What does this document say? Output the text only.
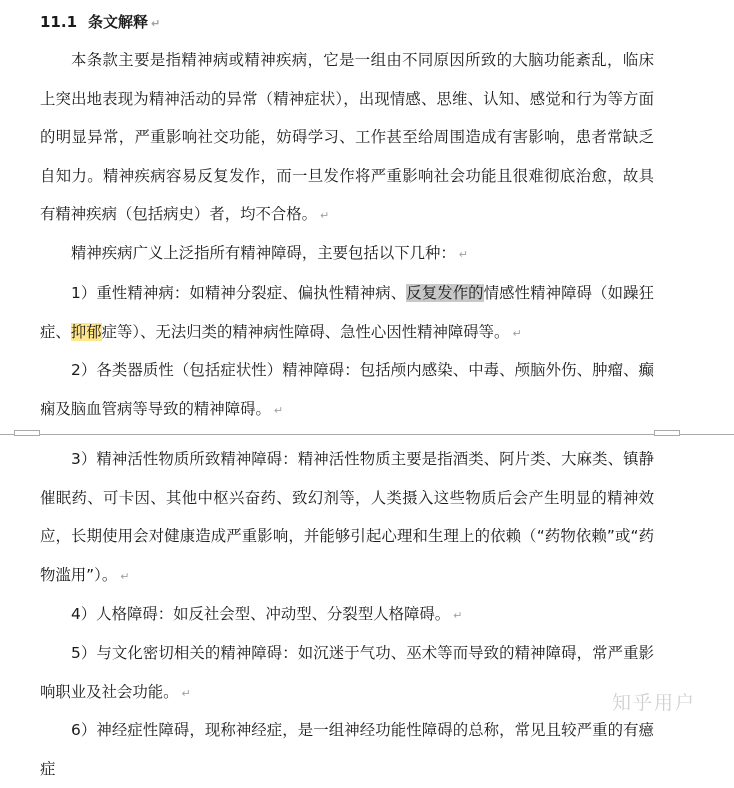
11.1 条文解释 ↵

本条款主要是指精神病或精神疾病，它是一组由不同原因所致的大脑功能紊乱，临床上突出地表现为精神活动的异常（精神症状），出现情感、思维、认知、感觉和行为等方面的明显异常，严重影响社交功能，妨碍学习、工作甚至给周围造成有害影响，患者常缺乏自知力。精神疾病容易反复发作，而一旦发作将严重影响社会功能且很难彻底治愈，故具有精神疾病（包括病史）者，均不合格。 ↵

精神疾病广义上泛指所有精神障碍，主要包括以下几种： ↵

1）重性精神病：如精神分裂症、偏执性精神病、反复发作的情感性精神障碍（如躁狂症、抑郁症等）、无法归类的精神病性障碍、急性心因性精神障碍等。 ↵

2）各类器质性（包括症状性）精神障碍：包括颅内感染、中毒、颅脑外伤、肿瘤、癫痫及脑血管病等导致的精神障碍。 ↵

3）精神活性物质所致精神障碍：精神活性物质主要是指酒类、阿片类、大麻类、镇静催眠药、可卡因、其他中枢兴奋药、致幻剂等，人类摄入这些物质后会产生明显的精神效应，长期使用会对健康造成严重影响，并能够引起心理和生理上的依赖（“药物依赖”或“药物滥用”）。 ↵

4）人格障碍：如反社会型、冲动型、分裂型人格障碍。 ↵

5）与文化密切相关的精神障碍：如沉迷于气功、巫术等而导致的精神障碍，常严重影响职业及社会功能。 ↵

6）神经症性障碍，现称神经症，是一组神经功能性障碍的总称，常见且较严重的有癔症

知乎用户
